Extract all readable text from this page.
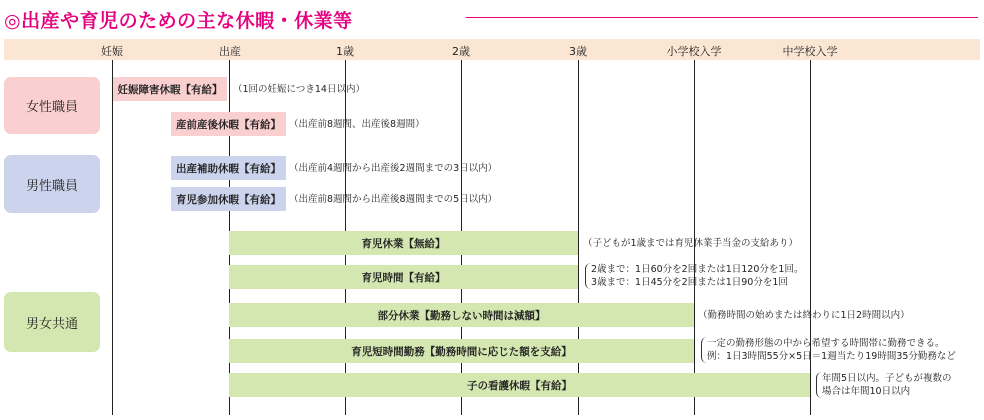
◎出産や育児のための主な休暇・休業等
妊娠	出産	1歳	2歳	3歳	小学校入学	中学校入学
女性職員
男性職員
男女共通
妊娠障害休暇【有給】	（1回の妊娠につき14日以内）
産前産後休暇【有給】 （出産前8週間、出産後8週間）
出産補助休暇【有給】 （出産前4週間から出産後2週間までの3日以内）
育児参加休暇【有給】 （出産前8週間から出産後8週間までの5日以内）
育児休業【無給】	（子どもが1歳までは育児休業手当金の支給あり）
育児時間【有給】
2歳まで：1日60分を2回または1日120分を1回。
3歳まで：1日45分を2回または1日90分を1回
部分休業【勤務しない時間は減額】	（勤務時間の始めまたは終わりに1日2時間以内）
育児短時間勤務【勤務時間に応じた額を支給】
一定の勤務形態の中から希望する時間帯に勤務できる。
例：1日3時間55分×5日＝1週当たり19時間35分勤務など
子の看護休暇【有給】
年間5日以内。子どもが複数の
場合は年間10日以内
